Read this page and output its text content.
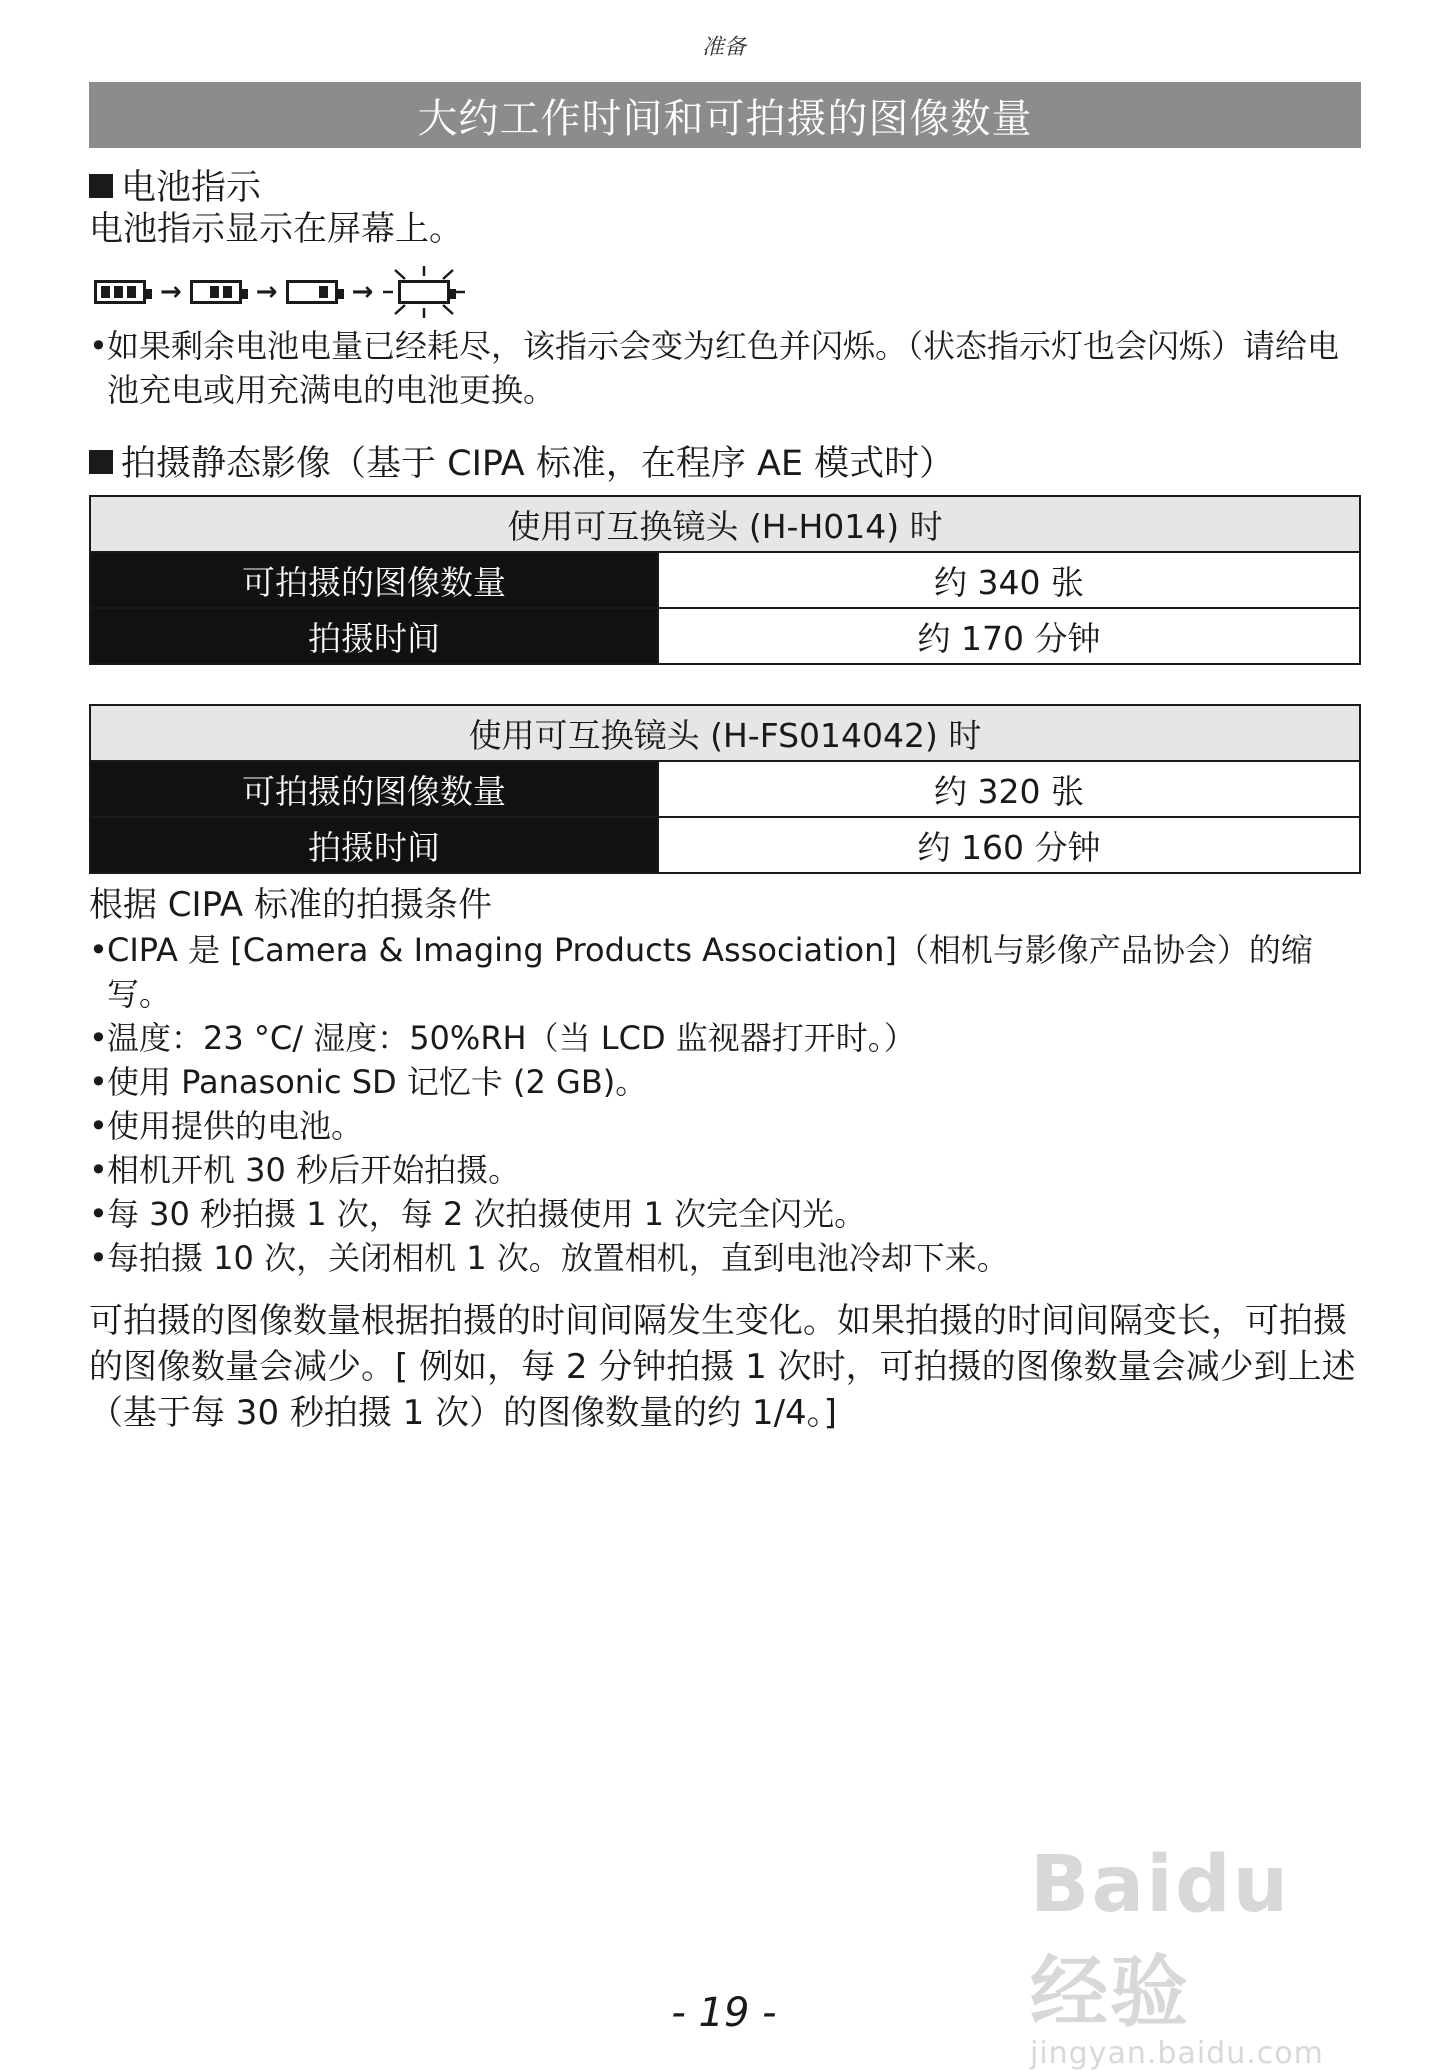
准备
大约工作时间和可拍摄的图像数量
电池指示
电池指示显示在屏幕上。
→	→	→
• 如果剩余电池电量已经耗尽，该指示会变为红色并闪烁。（状态指示灯也会闪烁）请给电池充电或用充满电的电池更换。
拍摄静态影像（基于 CIPA 标准，在程序 AE 模式时）
使用可互换镜头 (H-H014) 时	
可拍摄的图像数量	约 340 张
拍摄时间	约 170 分钟
使用可互换镜头 (H-FS014042) 时	
可拍摄的图像数量	约 320 张
拍摄时间	约 160 分钟
根据 CIPA 标准的拍摄条件
• CIPA 是 [Camera & Imaging Products Association]（相机与影像产品协会）的缩写。
• 温度：23 °C/ 湿度：50%RH（当 LCD 监视器打开时。）
• 使用 Panasonic SD 记忆卡 (2 GB)。
• 使用提供的电池。
• 相机开机 30 秒后开始拍摄。
• 每 30 秒拍摄 1 次，每 2 次拍摄使用 1 次完全闪光。
• 每拍摄 10 次，关闭相机 1 次。放置相机，直到电池冷却下来。
可拍摄的图像数量根据拍摄的时间间隔发生变化。如果拍摄的时间间隔变长，可拍摄的图像数量会减少。[ 例如，每 2 分钟拍摄 1 次时，可拍摄的图像数量会减少到上述（基于每 30 秒拍摄 1 次）的图像数量的约 1/4。]
Baidu经验
jingyan.baidu.com
- 19 -
